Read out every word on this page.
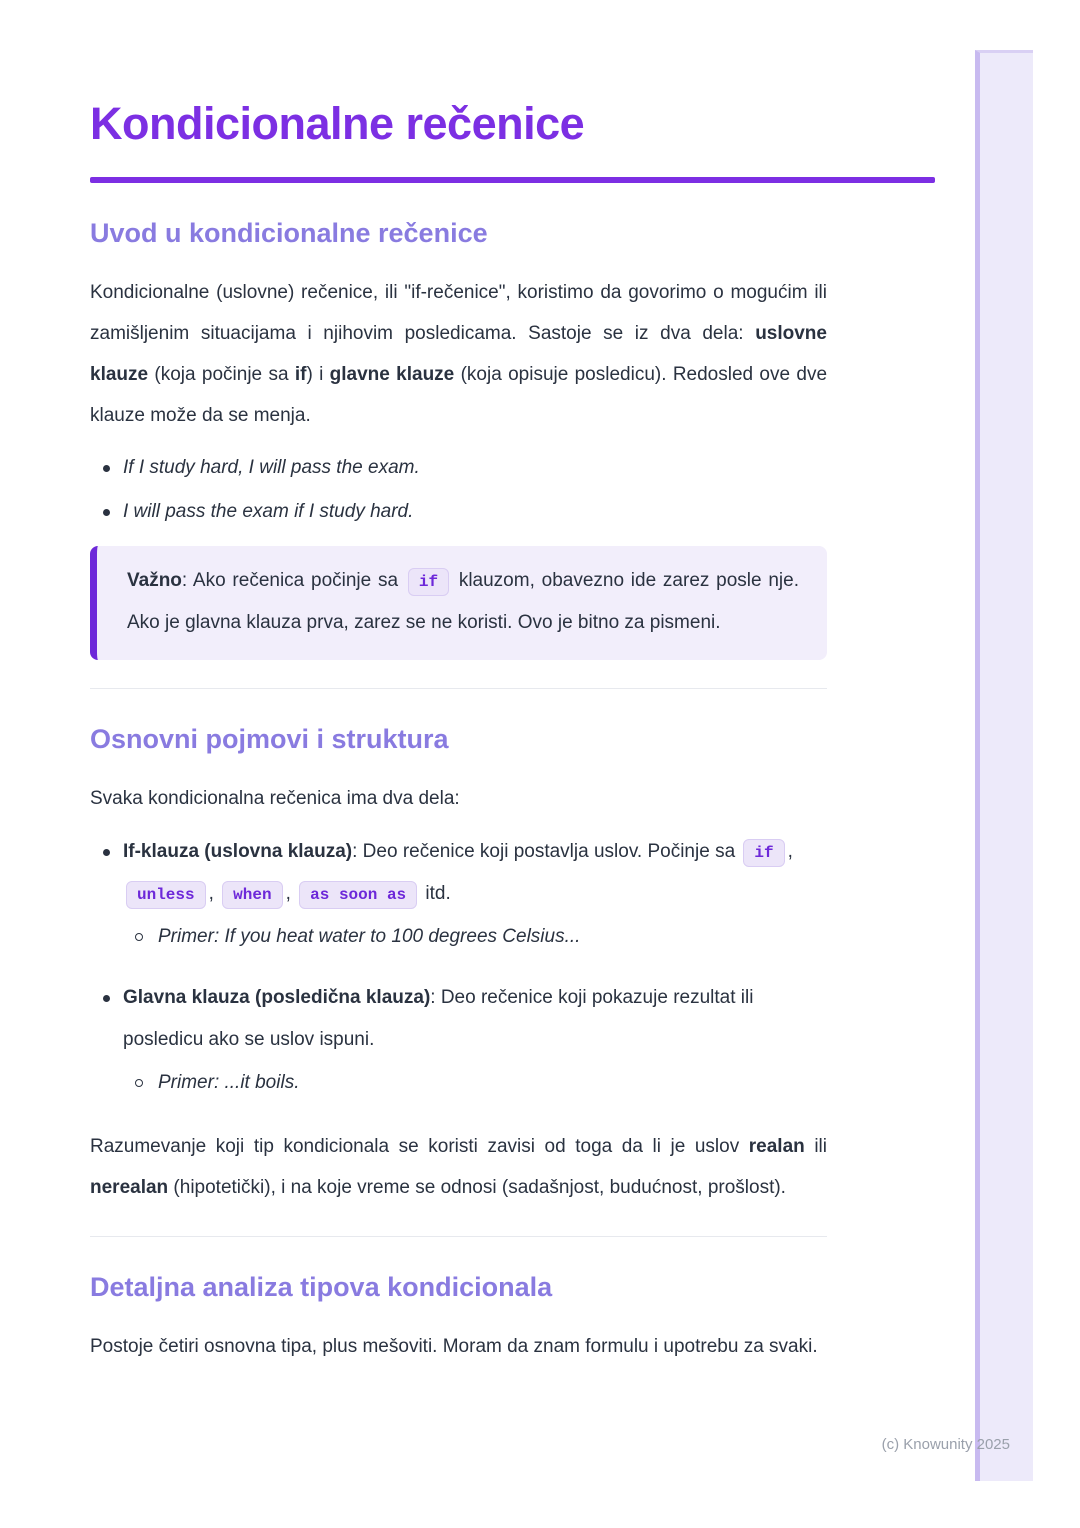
Kondicionalne rečenice
Uvod u kondicionalne rečenice

Kondicionalne (uslovne) rečenice, ili "if-rečenice", koristimo da govorimo o mogućim ili zamišljenim situacijama i njihovim posledicama. Sastoje se iz dva dela: uslovne klauze (koja počinje sa if) i glavne klauze (koja opisuje posledicu). Redosled ove dve klauze može da se menja.

If I study hard, I will pass the exam.
I will pass the exam if I study hard.

Važno: Ako rečenica počinje sa if klauzom, obavezno ide zarez posle nje. Ako je glavna klauza prva, zarez se ne koristi. Ovo je bitno za pismeni.

Osnovni pojmovi i struktura

Svaka kondicionalna rečenica ima dva dela:

If-klauza (uslovna klauza): Deo rečenice koji postavlja uslov. Počinje sa if , unless , when , as soon as itd.
Primer: If you heat water to 100 degrees Celsius...
Glavna klauza (posledična klauza): Deo rečenice koji pokazuje rezultat ili posledicu ako se uslov ispuni.
Primer: ...it boils.

Razumevanje koji tip kondicionala se koristi zavisi od toga da li je uslov realan ili nerealan (hipotetički), i na koje vreme se odnosi (sadašnjost, budućnost, prošlost).

Detaljna analiza tipova kondicionala

Postoje četiri osnovna tipa, plus mešoviti. Moram da znam formulu i upotrebu za svaki.

(c) Knowunity 2025
